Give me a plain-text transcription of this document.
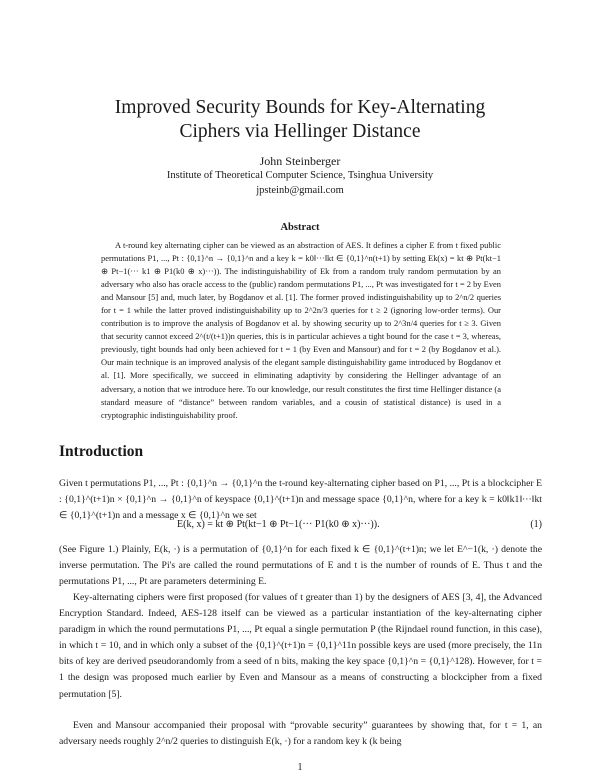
Improved Security Bounds for Key-Alternating
Ciphers via Hellinger Distance
John Steinberger
Institute of Theoretical Computer Science, Tsinghua University
jpsteinb@gmail.com
Abstract

A t-round key alternating cipher can be viewed as an abstraction of AES. It defines a cipher E from t fixed public permutations P1, ..., Pt : {0,1}^n → {0,1}^n and a key k = k0‖···‖kt ∈ {0,1}^n(t+1) by setting Ek(x) = kt ⊕ Pt(kt−1 ⊕ Pt−1(··· k1 ⊕ P1(k0 ⊕ x)···)). The indistinguishability of Ek from a random truly random permutation by an adversary who also has oracle access to the (public) random permutations P1, ..., Pt was investigated for t = 2 by Even and Mansour [5] and, much later, by Bogdanov et al. [1]. The former proved indistinguishability up to 2^n/2 queries for t = 1 while the latter proved indistinguishability up to 2^2n/3 queries for t ≥ 2 (ignoring low-order terms). Our contribution is to improve the analysis of Bogdanov et al. by showing security up to 2^3n/4 queries for t ≥ 3. Given that security cannot exceed 2^(t/(t+1))n queries, this is in particular achieves a tight bound for the case t = 3, whereas, previously, tight bounds had only been achieved for t = 1 (by Even and Mansour) and for t = 2 (by Bogdanov et al.). Our main technique is an improved analysis of the elegant sample distinguishability game introduced by Bogdanov et al. [1]. More specifically, we succeed in eliminating adaptivity by considering the Hellinger advantage of an adversary, a notion that we introduce here. To our knowledge, our result constitutes the first time Hellinger distance (a standard measure of “distance” between random variables, and a cousin of statistical distance) is used in a cryptographic indistinguishability proof.

Introduction

Given t permutations P1, ..., Pt : {0,1}^n → {0,1}^n the t-round key-alternating cipher based on P1, ..., Pt is a blockcipher E : {0,1}^(t+1)n × {0,1}^n → {0,1}^n of keyspace {0,1}^(t+1)n and message space {0,1}^n, where for a key k = k0‖k1‖···‖kt ∈ {0,1}^(t+1)n and a message x ∈ {0,1}^n we set

E(k, x) = kt ⊕ Pt(kt−1 ⊕ Pt−1(··· P1(k0 ⊕ x)···)).	(1)

(See Figure 1.) Plainly, E(k, ·) is a permutation of {0,1}^n for each fixed k ∈ {0,1}^(t+1)n; we let E^−1(k, ·) denote the inverse permutation. The Pi's are called the round permutations of E and t is the number of rounds of E. Thus t and the permutations P1, ..., Pt are parameters determining E.

Key-alternating ciphers were first proposed (for values of t greater than 1) by the designers of AES [3, 4], the Advanced Encryption Standard. Indeed, AES-128 itself can be viewed as a particular instantiation of the key-alternating cipher paradigm in which the round permutations P1, ..., Pt equal a single permutation P (the Rijndael round function, in this case), in which t = 10, and in which only a subset of the {0,1}^(t+1)n = {0,1}^11n possible keys are used (more precisely, the 11n bits of key are derived pseudorandomly from a seed of n bits, making the key space {0,1}^n = {0,1}^128). However, for t = 1 the design was proposed much earlier by Even and Mansour as a means of constructing a blockcipher from a fixed permutation [5].

Even and Mansour accompanied their proposal with “provable security” guarantees by showing that, for t = 1, an adversary needs roughly 2^n/2 queries to distinguish E(k, ·) for a random key k (k being

1
